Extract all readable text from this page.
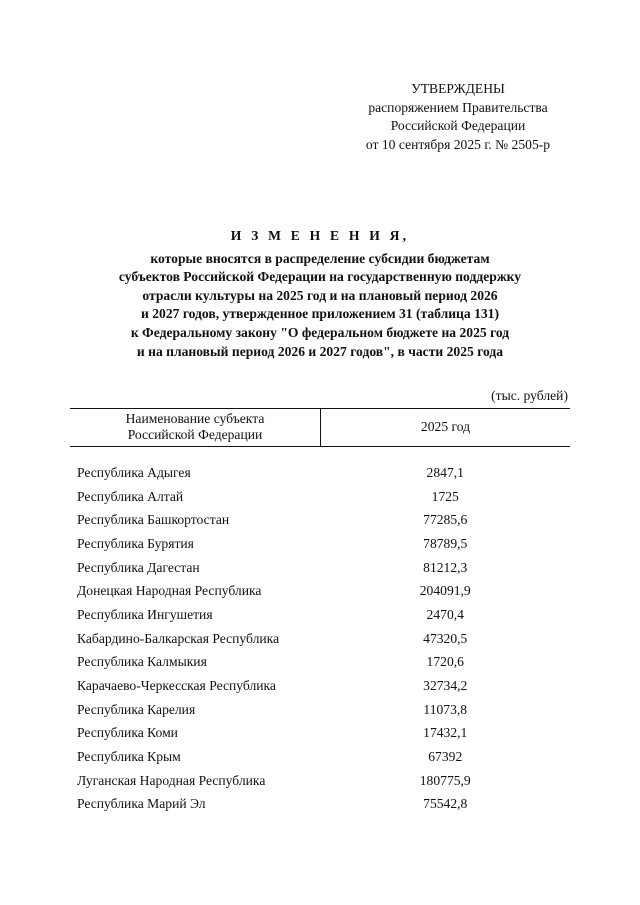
УТВЕРЖДЕНЫ
распоряжением Правительства
Российской Федерации
от 10 сентября 2025 г. № 2505-р
И З М Е Н Е Н И Я,
которые вносятся в распределение субсидии бюджетам
субъектов Российской Федерации на государственную поддержку
отрасли культуры на 2025 год и на плановый период 2026
и 2027 годов, утвержденное приложением 31 (таблица 131)
к Федеральному закону "О федеральном бюджете на 2025 год
и на плановый период 2026 и 2027 годов", в части 2025 года
(тыс. рублей)
Наименование субъекта
Российской Федерации	2025 год

Республика Адыгея	2847,1
Республика Алтай	1725
Республика Башкортостан	77285,6
Республика Бурятия	78789,5
Республика Дагестан	81212,3
Донецкая Народная Республика	204091,9
Республика Ингушетия	2470,4
Кабардино-Балкарская Республика	47320,5
Республика Калмыкия	1720,6
Карачаево-Черкесская Республика	32734,2
Республика Карелия	11073,8
Республика Коми	17432,1
Республика Крым	67392
Луганская Народная Республика	180775,9
Республика Марий Эл	75542,8
